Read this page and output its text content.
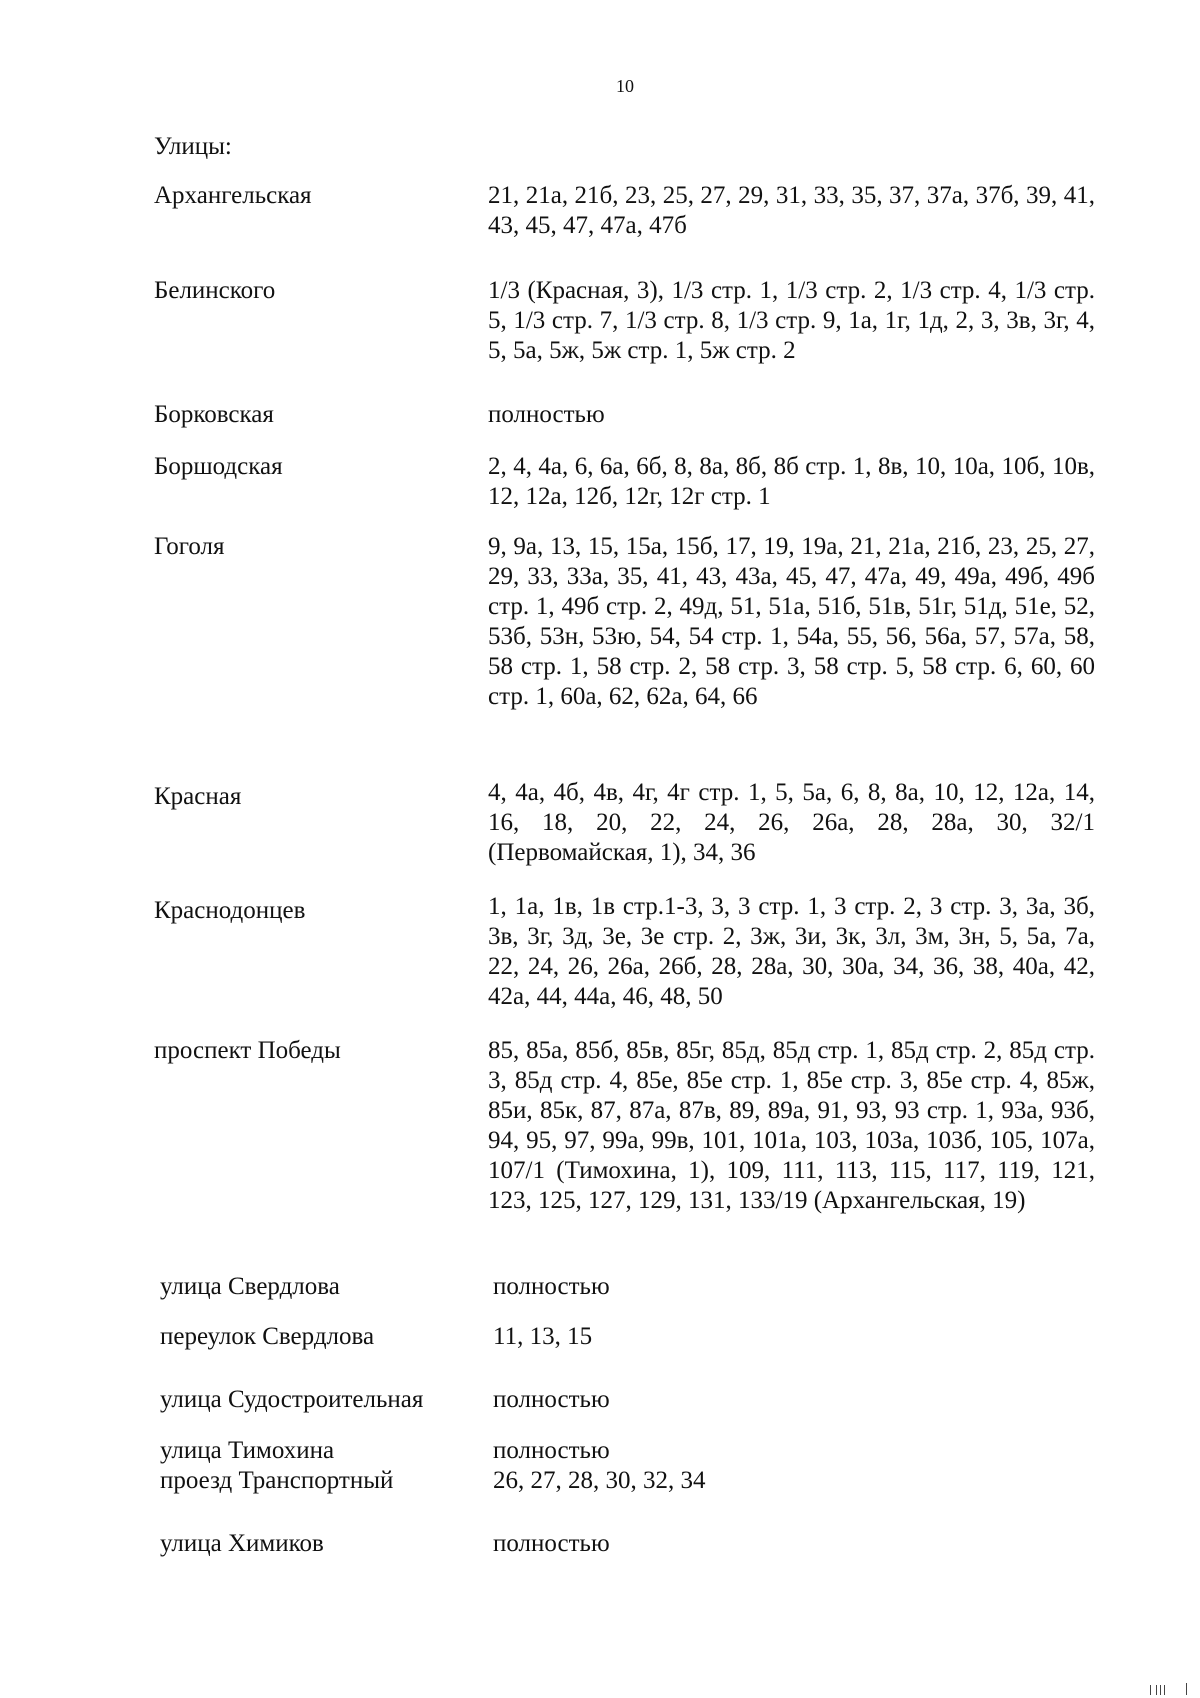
10
Улицы:
Архангельская	21, 21а, 21б, 23, 25, 27, 29, 31, 33, 35, 37, 37а, 37б, 39, 41, 43, 45, 47, 47а, 47б
Белинского	1/3 (Красная, 3), 1/3 стр. 1, 1/3 стр. 2, 1/3 стр. 4, 1/3 стр. 5, 1/3 стр. 7, 1/3 стр. 8, 1/3 стр. 9, 1а, 1г, 1д, 2, 3, 3в, 3г, 4, 5, 5а, 5ж, 5ж стр. 1, 5ж стр. 2
Борковская	полностью
Боршодская	2, 4, 4а, 6, 6а, 6б, 8, 8а, 8б, 8б стр. 1, 8в, 10, 10а, 10б, 10в, 12, 12а, 12б, 12г, 12г стр. 1
Гоголя	9, 9а, 13, 15, 15а, 15б, 17, 19, 19а, 21, 21а, 21б, 23, 25, 27, 29, 33, 33а, 35, 41, 43, 43а, 45, 47, 47а, 49, 49а, 49б, 49б стр. 1, 49б стр. 2, 49д, 51, 51а, 51б, 51в, 51г, 51д, 51е, 52, 53б, 53н, 53ю, 54, 54 стр. 1, 54а, 55, 56, 56а, 57, 57а, 58, 58 стр. 1, 58 стр. 2, 58 стр. 3, 58 стр. 5, 58 стр. 6, 60, 60 стр. 1, 60а, 62, 62а, 64, 66
Красная	4, 4а, 4б, 4в, 4г, 4г стр. 1, 5, 5а, 6, 8, 8а, 10, 12, 12а, 14, 16, 18, 20, 22, 24, 26, 26а, 28, 28а, 30, 32/1 (Первомайская, 1), 34, 36
Краснодонцев	1, 1а, 1в, 1в стр.1-3, 3, 3 стр. 1, 3 стр. 2, 3 стр. 3, 3а, 3б, 3в, 3г, 3д, 3е, 3е стр. 2, 3ж, 3и, 3к, 3л, 3м, 3н, 5, 5а, 7а, 22, 24, 26, 26а, 26б, 28, 28а, 30, 30а, 34, 36, 38, 40а, 42, 42а, 44, 44а, 46, 48, 50
проспект Победы	85, 85а, 85б, 85в, 85г, 85д, 85д стр. 1, 85д стр. 2, 85д стр. 3, 85д стр. 4, 85е, 85е стр. 1, 85е стр. 3, 85е стр. 4, 85ж, 85и, 85к, 87, 87а, 87в, 89, 89а, 91, 93, 93 стр. 1, 93а, 93б, 94, 95, 97, 99а, 99в, 101, 101а, 103, 103а, 103б, 105, 107а, 107/1 (Тимохина, 1), 109, 111, 113, 115, 117, 119, 121, 123, 125, 127, 129, 131, 133/19 (Архангельская, 19)
улица Свердлова	полностью
переулок Свердлова	11, 13, 15
улица Судостроительная	полностью
улица Тимохина	полностью
проезд Транспортный	26, 27, 28, 30, 32, 34
улица Химиков	полностью
